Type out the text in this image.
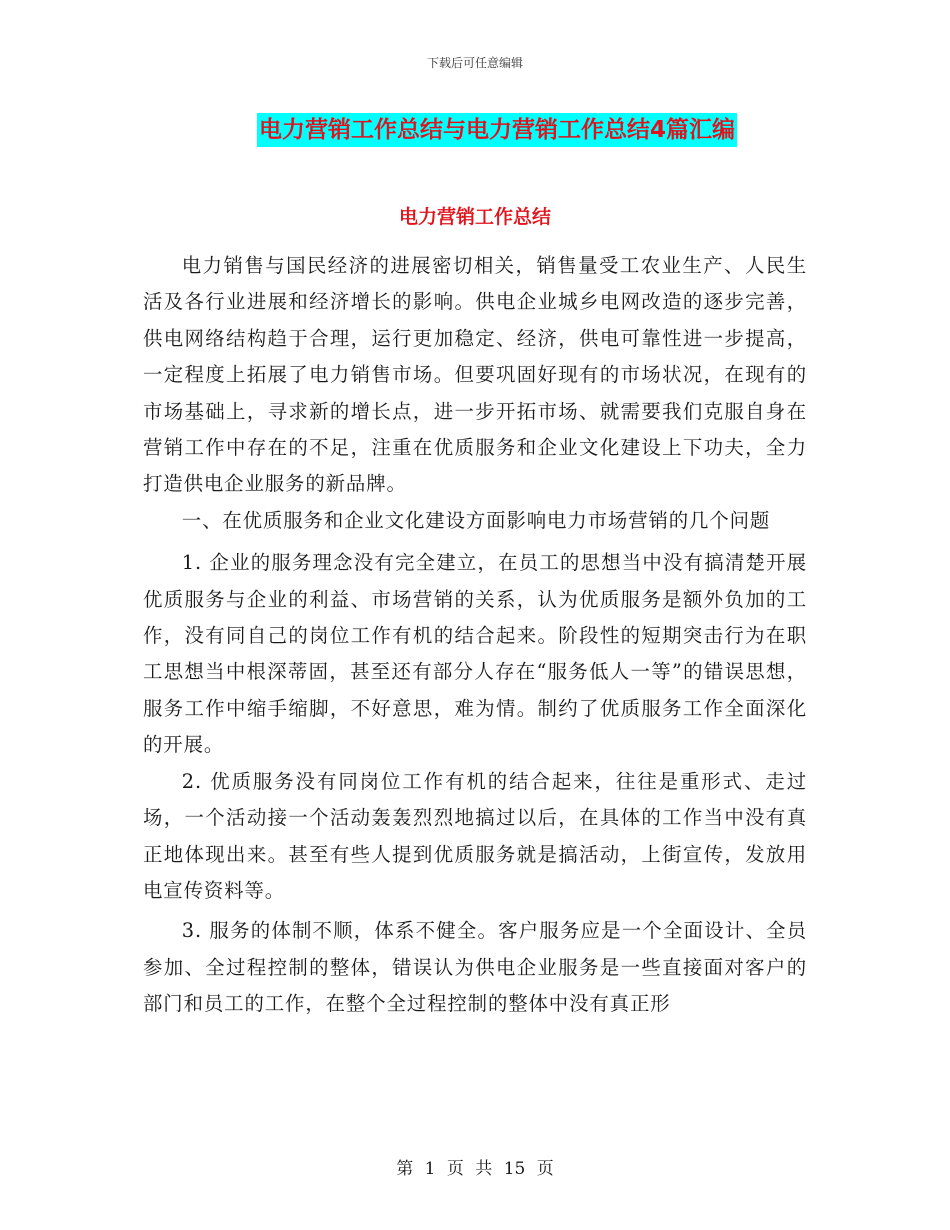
下载后可任意编辑
电力营销工作总结与电力营销工作总结4篇汇编
电力营销工作总结

电力销售与国民经济的进展密切相关，销售量受工农业生产、人民生活及各行业进展和经济增长的影响。供电企业城乡电网改造的逐步完善，供电网络结构趋于合理，运行更加稳定、经济，供电可靠性进一步提高，一定程度上拓展了电力销售市场。但要巩固好现有的市场状况，在现有的市场基础上，寻求新的增长点，进一步开拓市场、就需要我们克服自身在营销工作中存在的不足，注重在优质服务和企业文化建设上下功夫，全力打造供电企业服务的新品牌。

一、在优质服务和企业文化建设方面影响电力市场营销的几个问题

1. 企业的服务理念没有完全建立，在员工的思想当中没有搞清楚开展优质服务与企业的利益、市场营销的关系，认为优质服务是额外负加的工作，没有同自己的岗位工作有机的结合起来。阶段性的短期突击行为在职工思想当中根深蒂固，甚至还有部分人存在“服务低人一等”的错误思想，服务工作中缩手缩脚，不好意思，难为情。制约了优质服务工作全面深化的开展。

2. 优质服务没有同岗位工作有机的结合起来，往往是重形式、走过场，一个活动接一个活动轰轰烈烈地搞过以后，在具体的工作当中没有真正地体现出来。甚至有些人提到优质服务就是搞活动，上街宣传，发放用电宣传资料等。

3. 服务的体制不顺，体系不健全。客户服务应是一个全面设计、全员参加、全过程控制的整体，错误认为供电企业服务是一些直接面对客户的部门和员工的工作，在整个全过程控制的整体中没有真正形

第 1 页 共 15 页
